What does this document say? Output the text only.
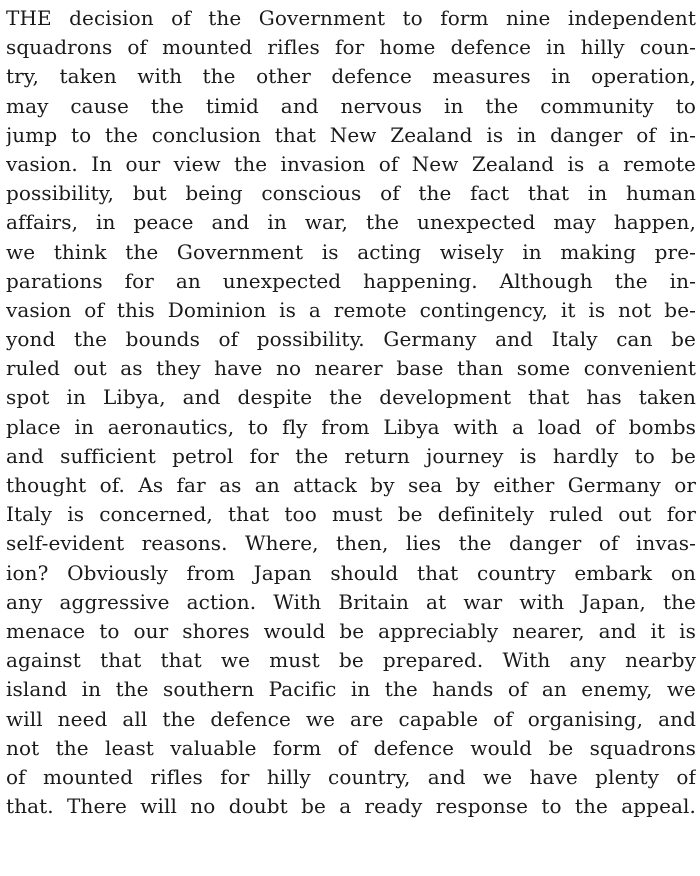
THE decision of the Government to form nine independent
squadrons of mounted rifles for home defence in hilly coun-
try, taken with the other defence measures in operation,
may cause the timid and nervous in the community to
jump to the conclusion that New Zealand is in danger of in-
vasion. In our view the invasion of New Zealand is a remote
possibility, but being conscious of the fact that in human
affairs, in peace and in war, the unexpected may happen,
we think the Government is acting wisely in making pre-
parations for an unexpected happening. Although the in-
vasion of this Dominion is a remote contingency, it is not be-
yond the bounds of possibility. Germany and Italy can be
ruled out as they have no nearer base than some convenient
spot in Libya, and despite the development that has taken
place in aeronautics, to fly from Libya with a load of bombs
and sufficient petrol for the return journey is hardly to be
thought of. As far as an attack by sea by either Germany or
Italy is concerned, that too must be definitely ruled out for
self-evident reasons. Where, then, lies the danger of invas-
ion? Obviously from Japan should that country embark on
any aggressive action. With Britain at war with Japan, the
menace to our shores would be appreciably nearer, and it is
against that that we must be prepared. With any nearby
island in the southern Pacific in the hands of an enemy, we
will need all the defence we are capable of organising, and
not the least valuable form of defence would be squadrons
of mounted rifles for hilly country, and we have plenty of
that. There will no doubt be a ready response to the appeal.
